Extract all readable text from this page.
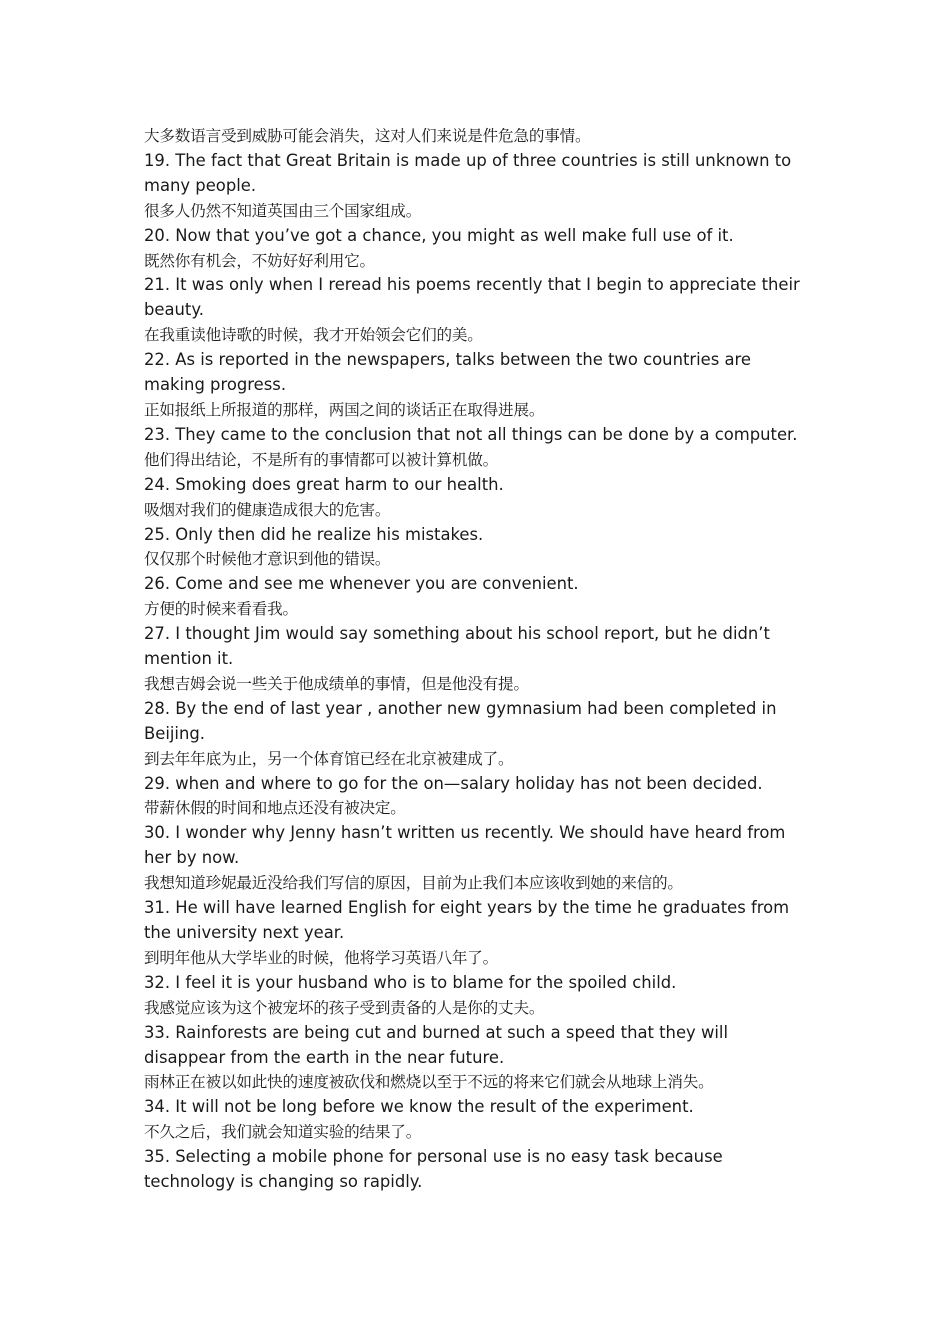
大多数语言受到威胁可能会消失，这对人们来说是件危急的事情。
19. The fact that Great Britain is made up of three countries is still unknown to many people.
很多人仍然不知道英国由三个国家组成。
20. Now that you’ve got a chance, you might as well make full use of it.
既然你有机会，不妨好好利用它。
21. It was only when I reread his poems recently that I begin to appreciate their beauty.
在我重读他诗歌的时候，我才开始领会它们的美。
22. As is reported in the newspapers, talks between the two countries are making progress.
正如报纸上所报道的那样，两国之间的谈话正在取得进展。
23. They came to the conclusion that not all things can be done by a computer.
他们得出结论，不是所有的事情都可以被计算机做。
24. Smoking does great harm to our health.
吸烟对我们的健康造成很大的危害。
25. Only then did he realize his mistakes.
仅仅那个时候他才意识到他的错误。
26. Come and see me whenever you are convenient.
方便的时候来看看我。
27. I thought Jim would say something about his school report, but he didn’t mention it.
我想吉姆会说一些关于他成绩单的事情，但是他没有提。
28. By the end of last year , another new gymnasium had been completed in Beijing.
到去年年底为止，另一个体育馆已经在北京被建成了。
29. when and where to go for the on—salary holiday has not been decided.
带薪休假的时间和地点还没有被决定。
30. I wonder why Jenny hasn’t written us recently. We should have heard from her by now.
我想知道珍妮最近没给我们写信的原因，目前为止我们本应该收到她的来信的。
31. He will have learned English for eight years by the time he graduates from the university next year.
到明年他从大学毕业的时候，他将学习英语八年了。
32. I feel it is your husband who is to blame for the spoiled child.
我感觉应该为这个被宠坏的孩子受到责备的人是你的丈夫。
33. Rainforests are being cut and burned at such a speed that they will disappear from the earth in the near future.
雨林正在被以如此快的速度被砍伐和燃烧以至于不远的将来它们就会从地球上消失。
34. It will not be long before we know the result of the experiment.
不久之后，我们就会知道实验的结果了。
35. Selecting a mobile phone for personal use is no easy task because technology is changing so rapidly.
